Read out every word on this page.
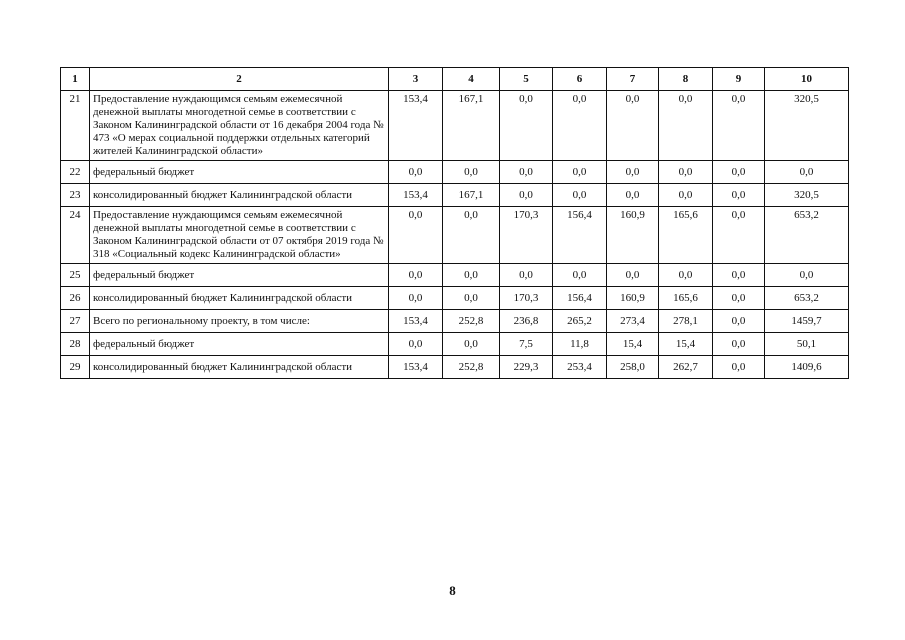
1	2	3	4	5	6	7	8	9	10
21	Предоставление нуждающимся семьям ежемесячной денежной выплаты многодетной семье в соответствии с Законом Калининградской области от 16 декабря 2004 года № 473 «О мерах социальной поддержки отдельных категорий жителей Калининградской области»	153,4	167,1	0,0	0,0	0,0	0,0	0,0	320,5
22	федеральный бюджет	0,0	0,0	0,0	0,0	0,0	0,0	0,0	0,0
23	консолидированный бюджет Калининградской области	153,4	167,1	0,0	0,0	0,0	0,0	0,0	320,5
24	Предоставление нуждающимся семьям ежемесячной денежной выплаты многодетной семье в соответствии с Законом Калининградской области от 07 октября 2019 года № 318 «Социальный кодекс Калининградской области»	0,0	0,0	170,3	156,4	160,9	165,6	0,0	653,2
25	федеральный бюджет	0,0	0,0	0,0	0,0	0,0	0,0	0,0	0,0
26	консолидированный бюджет Калининградской области	0,0	0,0	170,3	156,4	160,9	165,6	0,0	653,2
27	Всего по региональному проекту, в том числе:	153,4	252,8	236,8	265,2	273,4	278,1	0,0	1459,7
28	федеральный бюджет	0,0	0,0	7,5	11,8	15,4	15,4	0,0	50,1
29	консолидированный бюджет Калининградской области	153,4	252,8	229,3	253,4	258,0	262,7	0,0	1409,6
8
